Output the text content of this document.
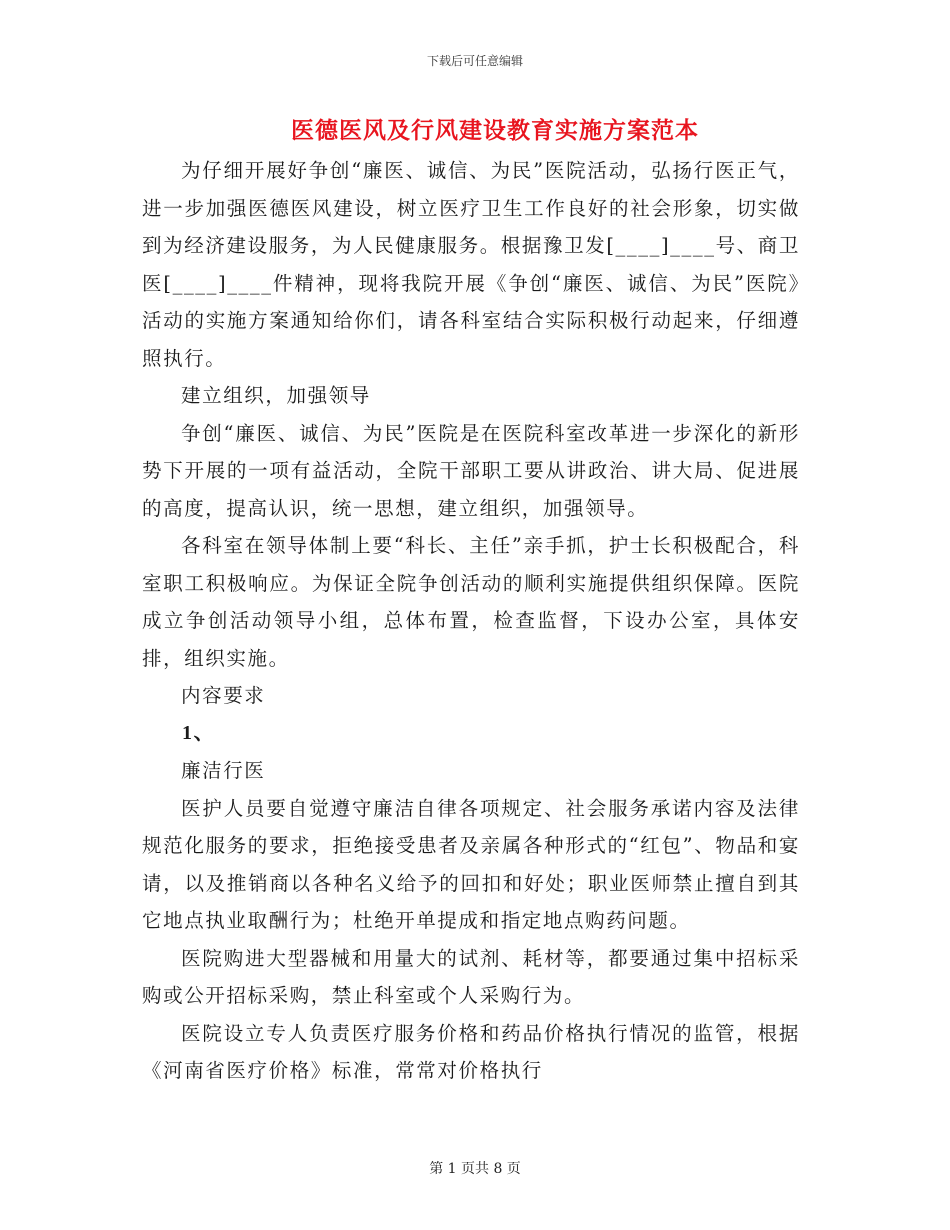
下载后可任意编辑
医德医风及行风建设教育实施方案范本

为仔细开展好争创“廉医、诚信、为民”医院活动，弘扬行医正气，进一步加强医德医风建设，树立医疗卫生工作良好的社会形象，切实做到为经济建设服务，为人民健康服务。根据豫卫发[____]____号、商卫医[____]____件精神，现将我院开展《争创“廉医、诚信、为民”医院》活动的实施方案通知给你们，请各科室结合实际积极行动起来，仔细遵照执行。

建立组织，加强领导

争创“廉医、诚信、为民”医院是在医院科室改革进一步深化的新形势下开展的一项有益活动，全院干部职工要从讲政治、讲大局、促进展的高度，提高认识，统一思想，建立组织，加强领导。

各科室在领导体制上要“科长、主任”亲手抓，护士长积极配合，科室职工积极响应。为保证全院争创活动的顺利实施提供组织保障。医院成立争创活动领导小组，总体布置，检查监督，下设办公室，具体安排，组织实施。

内容要求

1、

廉洁行医

医护人员要自觉遵守廉洁自律各项规定、社会服务承诺内容及法律规范化服务的要求，拒绝接受患者及亲属各种形式的“红包”、物品和宴请，以及推销商以各种名义给予的回扣和好处；职业医师禁止擅自到其它地点执业取酬行为；杜绝开单提成和指定地点购药问题。

医院购进大型器械和用量大的试剂、耗材等，都要通过集中招标采购或公开招标采购，禁止科室或个人采购行为。

医院设立专人负责医疗服务价格和药品价格执行情况的监管，根据《河南省医疗价格》标准，常常对价格执行

第 1 页共 8 页
